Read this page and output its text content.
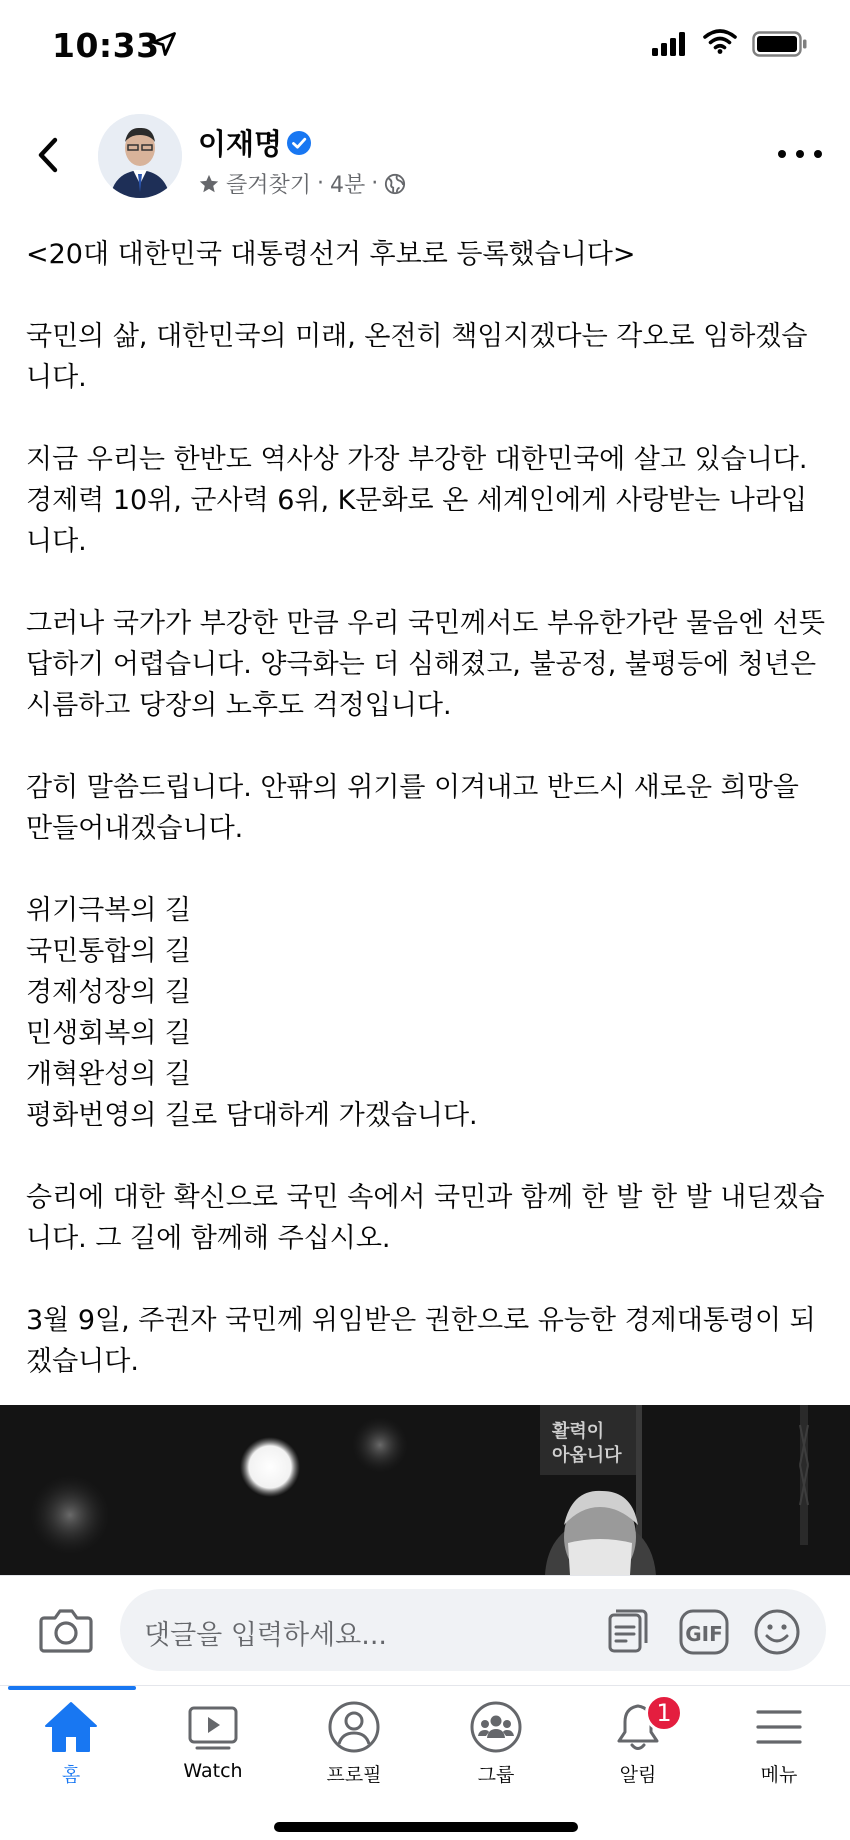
10:33
이재명
즐겨찾기 · 4분 ·

<20대 대한민국 대통령선거 후보로 등록했습니다>

국민의 삶, 대한민국의 미래, 온전히 책임지겠다는 각오로 임하겠습니다.

지금 우리는 한반도 역사상 가장 부강한 대한민국에 살고 있습니다. 경제력 10위, 군사력 6위, K문화로 온 세계인에게 사랑받는 나라입니다.

그러나 국가가 부강한 만큼 우리 국민께서도 부유한가란 물음엔 선뜻 답하기 어렵습니다. 양극화는 더 심해졌고, 불공정, 불평등에 청년은 시름하고 당장의 노후도 걱정입니다.

감히 말씀드립니다. 안팎의 위기를 이겨내고 반드시 새로운 희망을 만들어내겠습니다.

위기극복의 길
국민통합의 길
경제성장의 길
민생회복의 길
개혁완성의 길
평화번영의 길로 담대하게 가겠습니다.

승리에 대한 확신으로 국민 속에서 국민과 함께 한 발 한 발 내딛겠습니다. 그 길에 함께해 주십시오.

3월 9일, 주권자 국민께 위임받은 권한으로 유능한 경제대통령이 되겠습니다.

활력이
아옵니다
댓글을 입력하세요...	GIF
홈	Watch	프로필	그룹
1
알림	메뉴
